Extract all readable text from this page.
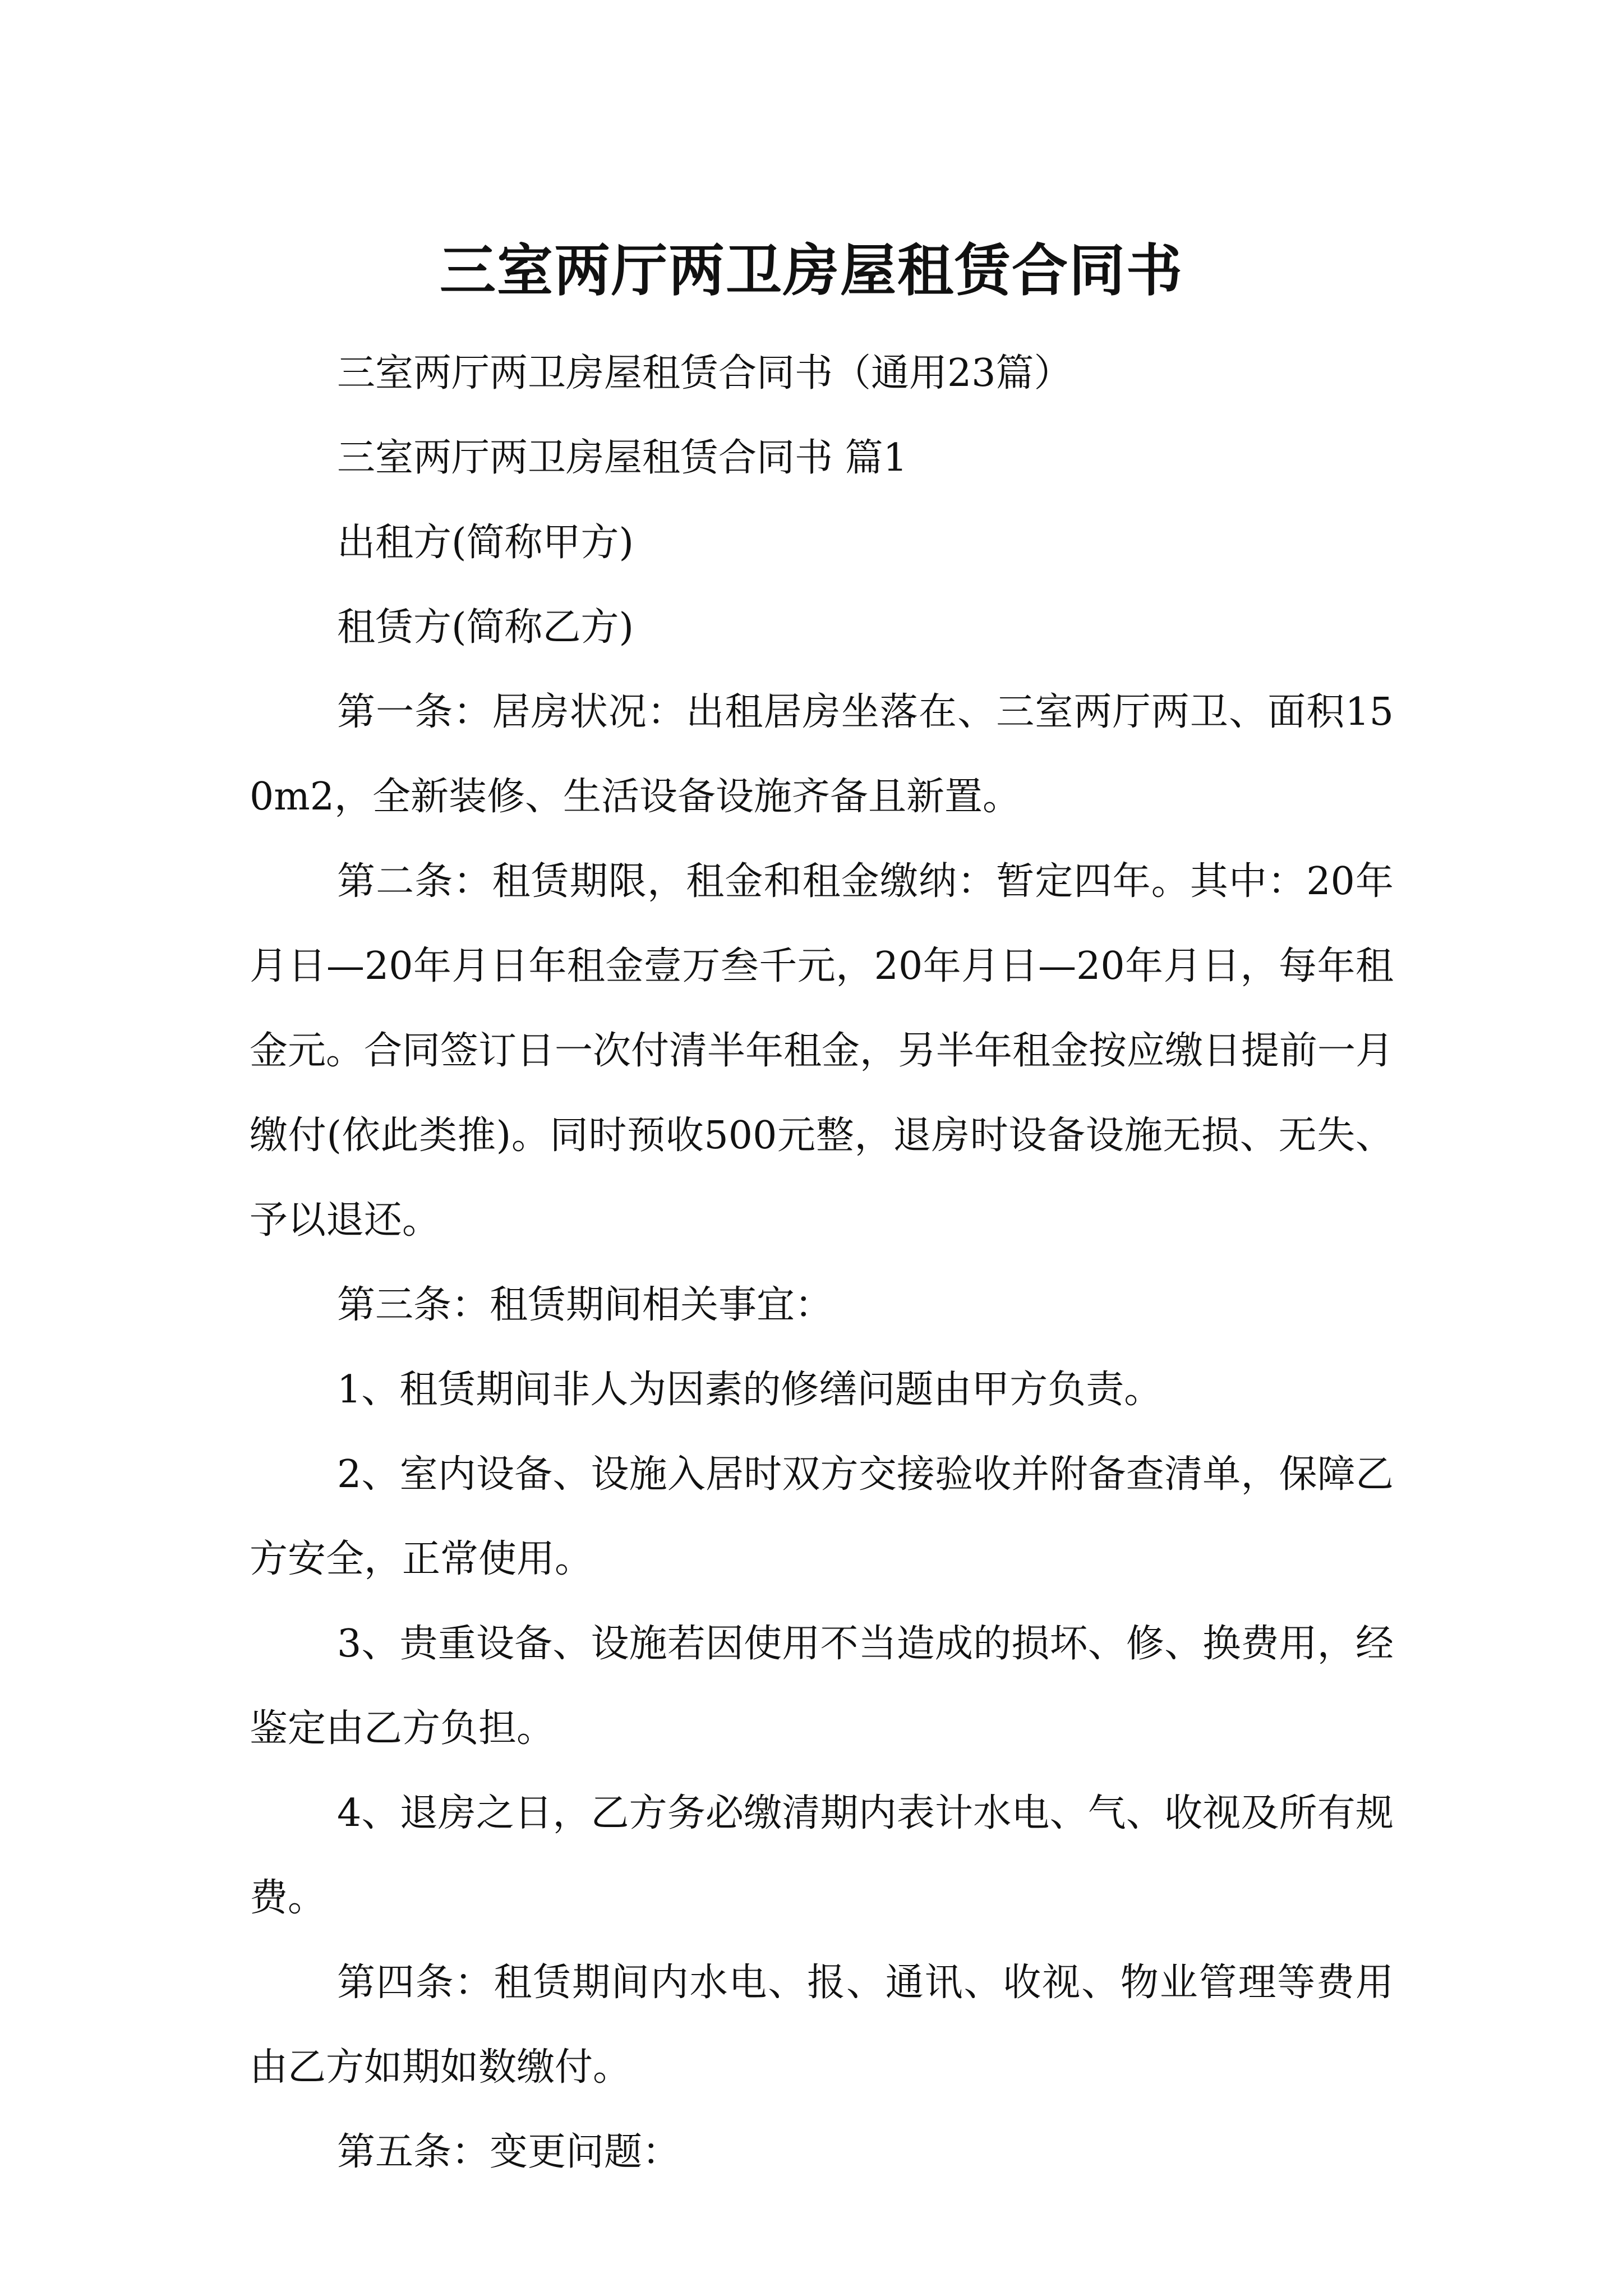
三室两厅两卫房屋租赁合同书

三室两厅两卫房屋租赁合同书（通用23篇）

三室两厅两卫房屋租赁合同书 篇1

出租方(简称甲方)

租赁方(简称乙方)

第一条：居房状况：出租居房坐落在、三室两厅两卫、面积150m2，全新装修、生活设备设施齐备且新置。

第二条：租赁期限，租金和租金缴纳：暂定四年。其中：20年月日—20年月日年租金壹万叁千元，20年月日—20年月日，每年租金元。合同签订日一次付清半年租金，另半年租金按应缴日提前一月缴付(依此类推)。同时预收500元整，退房时设备设施无损、无失、予以退还。

第三条：租赁期间相关事宜：

1、租赁期间非人为因素的修缮问题由甲方负责。

2、室内设备、设施入居时双方交接验收并附备查清单，保障乙方安全，正常使用。

3、贵重设备、设施若因使用不当造成的损坏、修、换费用，经鉴定由乙方负担。

4、退房之日，乙方务必缴清期内表计水电、气、收视及所有规费。

第四条：租赁期间内水电、报、通讯、收视、物业管理等费用由乙方如期如数缴付。

第五条：变更问题：
